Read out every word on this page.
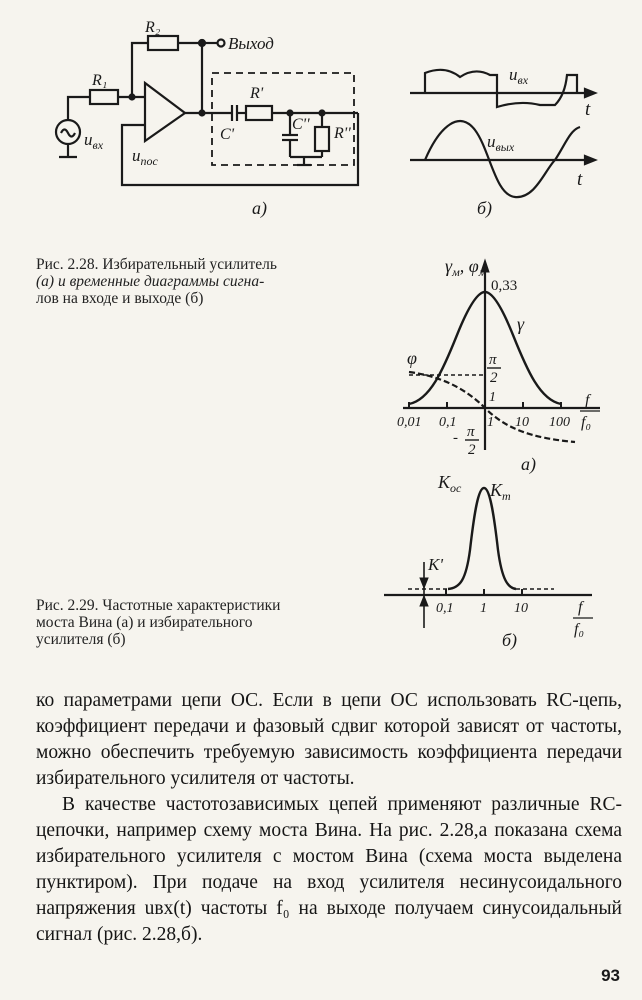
R₂
Выход
R₁
$u_{вх}$
$u_{пос}$
R'
C'
C''
R''
а)
$u_{вх}$
t
$u_{вых}$
t
б)
Рис. 2.28. Избирательный усилитель
(а) и временные диаграммы сигна-
лов на входе и выходе (б)
$\gamma_м$, $\varphi_м$
0,33
γ
φ	π
2
1
- π
2
0,01 0,1 1 10 100
f
f₀
а)
$K_{ос}$ $K_m$
K'
0,1 1 10	f
f₀
б)
Рис. 2.29. Частотные характеристики
моста Вина (а) и избирательного
усилителя (б)

ко параметрами цепи ОС. Если в цепи ОС использовать RC-цепь, коэффициент передачи и фазовый сдвиг которой зависят от частоты, можно обеспечить требуемую зависимость коэффициента передачи избирательного усилителя от частоты.

В качестве частотозависимых цепей применяют различные RC-цепочки, например схему моста Вина. На рис. 2.28,а показана схема избирательного усилителя с мостом Вина (схема моста выделена пунктиром). При подаче на вход усилителя несинусоидального напряжения uвх(t) частоты f₀ на выходе получаем синусоидальный сигнал (рис. 2.28,б).

93
